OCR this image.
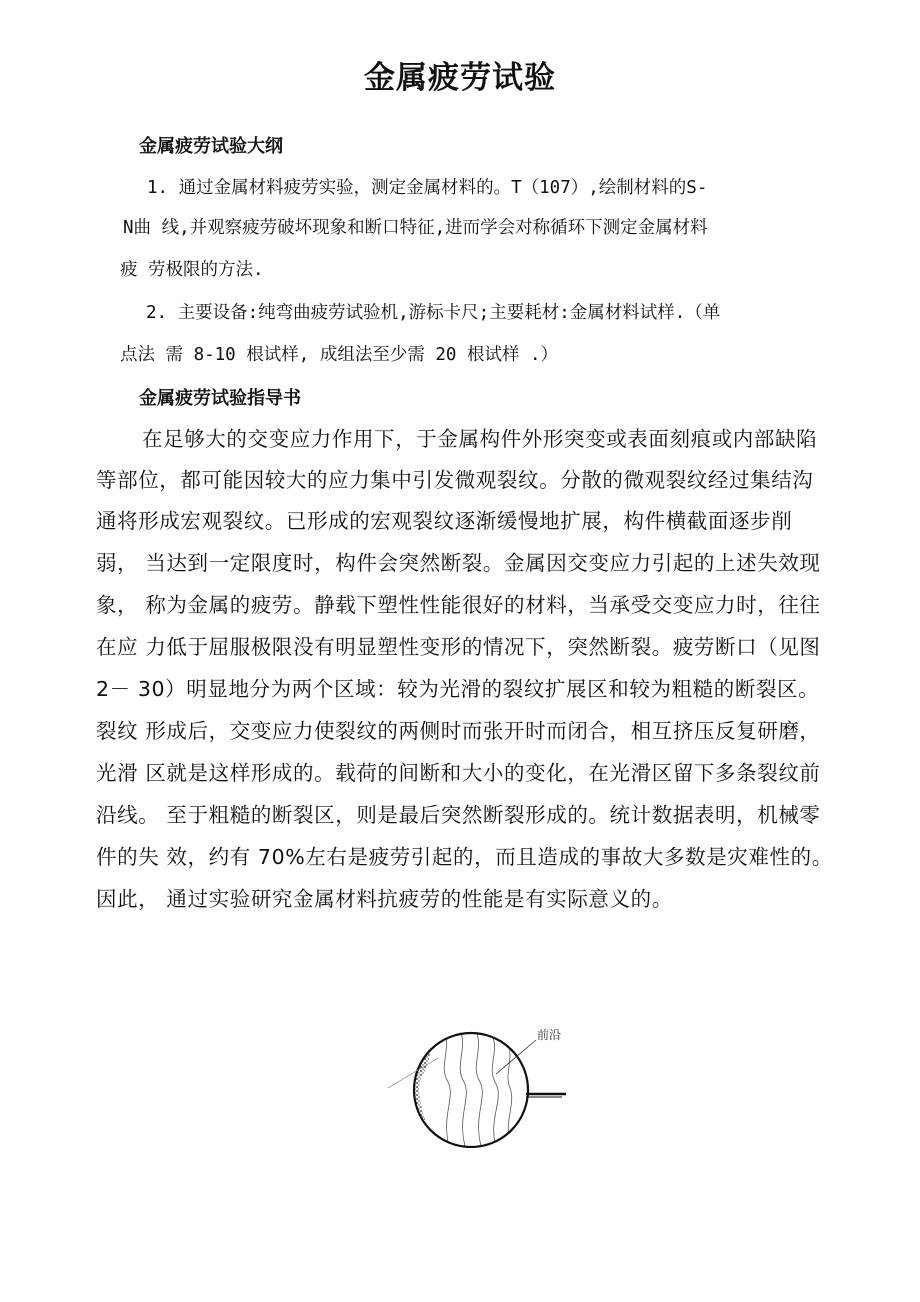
金属疲劳试验
金属疲劳试验大纲
1. 通过金属材料疲劳实验，测定金属材料的。T（107）,绘制材料的S-
N曲 线,并观察疲劳破坏现象和断口特征,进而学会对称循环下测定金属材料
疲 劳极限的方法.
2. 主要设备:纯弯曲疲劳试验机,游标卡尺;主要耗材:金属材料试样.（单
点法 需 8-10 根试样, 成组法至少需 20 根试样 .）
金属疲劳试验指导书
在足够大的交变应力作用下，于金属构件外形突变或表面刻痕或内部缺陷
等部位，都可能因较大的应力集中引发微观裂纹。分散的微观裂纹经过集结沟
通将形成宏观裂纹。已形成的宏观裂纹逐渐缓慢地扩展，构件横截面逐步削
弱， 当达到一定限度时，构件会突然断裂。金属因交变应力引起的上述失效现
象， 称为金属的疲劳。静载下塑性性能很好的材料，当承受交变应力时，往往
在应 力低于屈服极限没有明显塑性变形的情况下，突然断裂。疲劳断口（见图
2－ 30）明显地分为两个区域：较为光滑的裂纹扩展区和较为粗糙的断裂区。
裂纹 形成后，交变应力使裂纹的两侧时而张开时而闭合，相互挤压反复研磨，
光滑 区就是这样形成的。载荷的间断和大小的变化，在光滑区留下多条裂纹前
沿线。 至于粗糙的断裂区，则是最后突然断裂形成的。统计数据表明，机械零
件的失 效，约有 70%左右是疲劳引起的，而且造成的事故大多数是灾难性的。
因此， 通过实验研究金属材料抗疲劳的性能是有实际意义的。
前沿
